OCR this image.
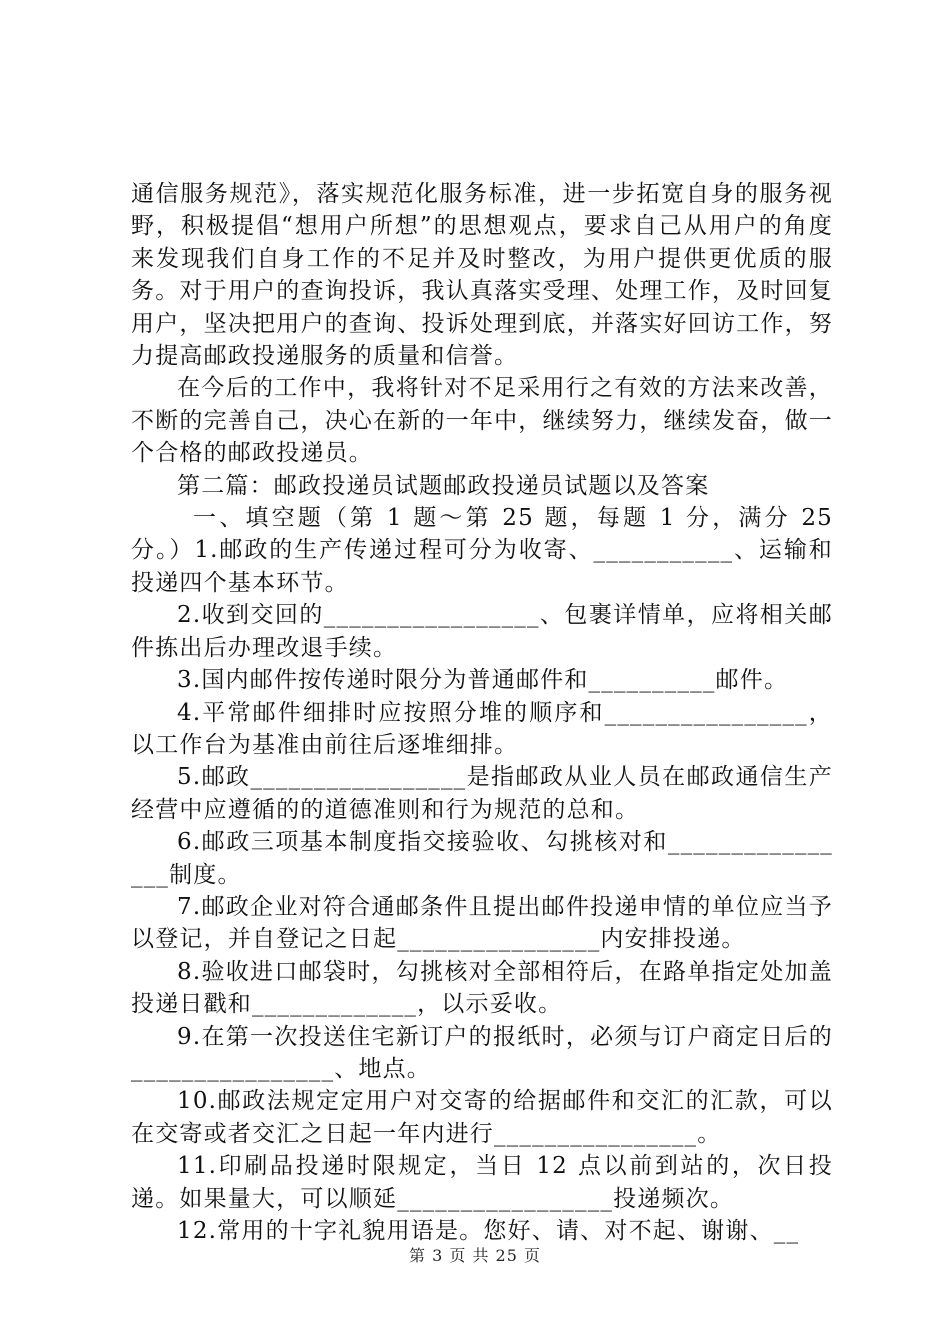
通信服务规范》，落实规范化服务标准，进一步拓宽自身的服务视野，积极提倡“想用户所想”的思想观点，要求自己从用户的角度来发现我们自身工作的不足并及时整改，为用户提供更优质的服务。对于用户的查询投诉，我认真落实受理、处理工作，及时回复用户，坚决把用户的查询、投诉处理到底，并落实好回访工作，努力提高邮政投递服务的质量和信誉。

在今后的工作中，我将针对不足采用行之有效的方法来改善，不断的完善自己，决心在新的一年中，继续努力，继续发奋，做一个合格的邮政投递员。

第二篇：邮政投递员试题邮政投递员试题以及答案

一、填空题（第 1 题～第 25 题，每题 1 分，满分 25 分。）1.邮政的生产传递过程可分为收寄、___________、运输和投递四个基本环节。

2.收到交回的_________________、包裹详情单，应将相关邮件拣出后办理改退手续。

3.国内邮件按传递时限分为普通邮件和__________邮件。

4.平常邮件细排时应按照分堆的顺序和________________，以工作台为基准由前往后逐堆细排。

5.邮政_________________是指邮政从业人员在邮政通信生产经营中应遵循的的道德准则和行为规范的总和。

6.邮政三项基本制度指交接验收、勾挑核对和________________制度。

7.邮政企业对符合通邮条件且提出邮件投递申情的单位应当予以登记，并自登记之日起________________内安排投递。

8.验收进口邮袋时，勾挑核对全部相符后，在路单指定处加盖投递日戳和_____________，以示妥收。

9.在第一次投送住宅新订户的报纸时，必须与订户商定日后的________________、地点。

10.邮政法规定定用户对交寄的给据邮件和交汇的汇款，可以在交寄或者交汇之日起一年内进行________________。

11.印刷品投递时限规定，当日 12 点以前到站的，次日投递。如果量大，可以顺延_________________投递频次。

12.常用的十字礼貌用语是。您好、请、对不起、谢谢、__

第 3 页 共 25 页
